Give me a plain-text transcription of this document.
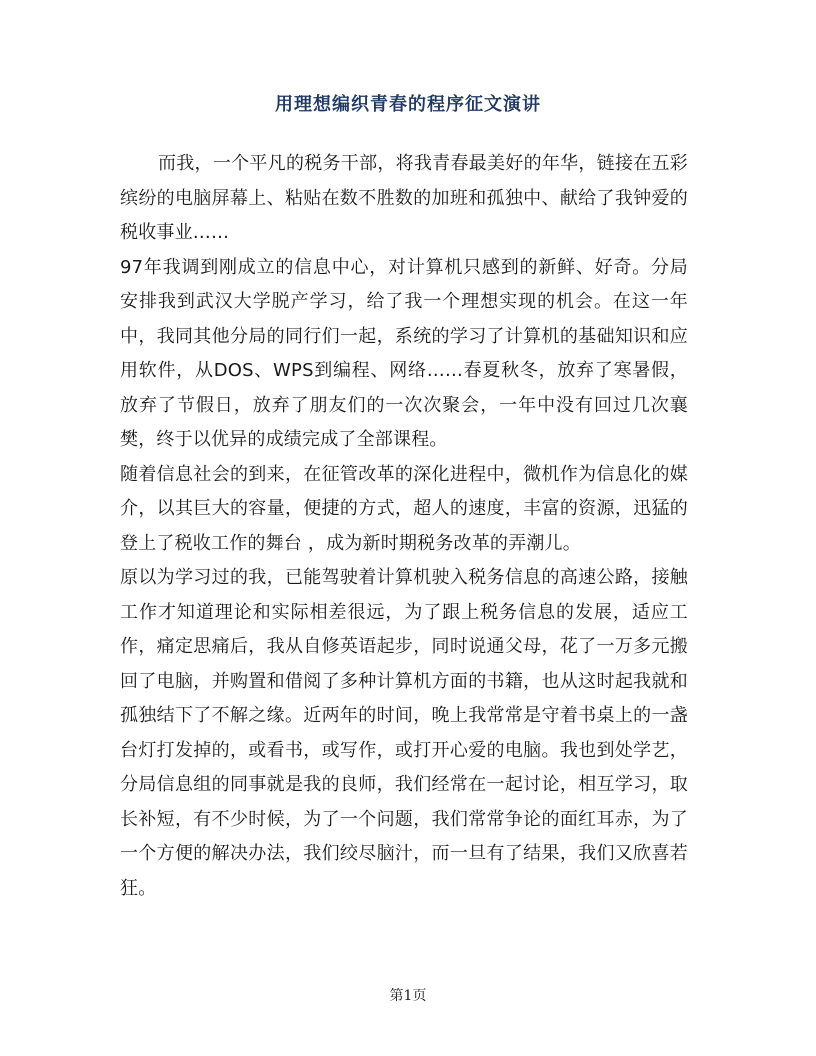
用理想编织青春的程序征文演讲

而我，一个平凡的税务干部，将我青春最美好的年华，链接在五彩缤纷的电脑屏幕上、粘贴在数不胜数的加班和孤独中、献给了我钟爱的税收事业……

97年我调到刚成立的信息中心，对计算机只感到的新鲜、好奇。分局安排我到武汉大学脱产学习，给了我一个理想实现的机会。在这一年中，我同其他分局的同行们一起，系统的学习了计算机的基础知识和应用软件，从DOS、WPS到编程、网络……春夏秋冬，放弃了寒暑假，放弃了节假日，放弃了朋友们的一次次聚会，一年中没有回过几次襄樊，终于以优异的成绩完成了全部课程。

随着信息社会的到来，在征管改革的深化进程中，微机作为信息化的媒介，以其巨大的容量，便捷的方式，超人的速度，丰富的资源，迅猛的登上了税收工作的舞台 ，成为新时期税务改革的弄潮儿。

原以为学习过的我，已能驾驶着计算机驶入税务信息的高速公路，接触工作才知道理论和实际相差很远，为了跟上税务信息的发展，适应工作，痛定思痛后，我从自修英语起步，同时说通父母，花了一万多元搬回了电脑，并购置和借阅了多种计算机方面的书籍，也从这时起我就和孤独结下了不解之缘。近两年的时间，晚上我常常是守着书桌上的一盏台灯打发掉的，或看书，或写作，或打开心爱的电脑。我也到处学艺，分局信息组的同事就是我的良师，我们经常在一起讨论，相互学习，取长补短，有不少时候，为了一个问题，我们常常争论的面红耳赤，为了一个方便的解决办法，我们绞尽脑汁，而一旦有了结果，我们又欣喜若狂。

第1页
